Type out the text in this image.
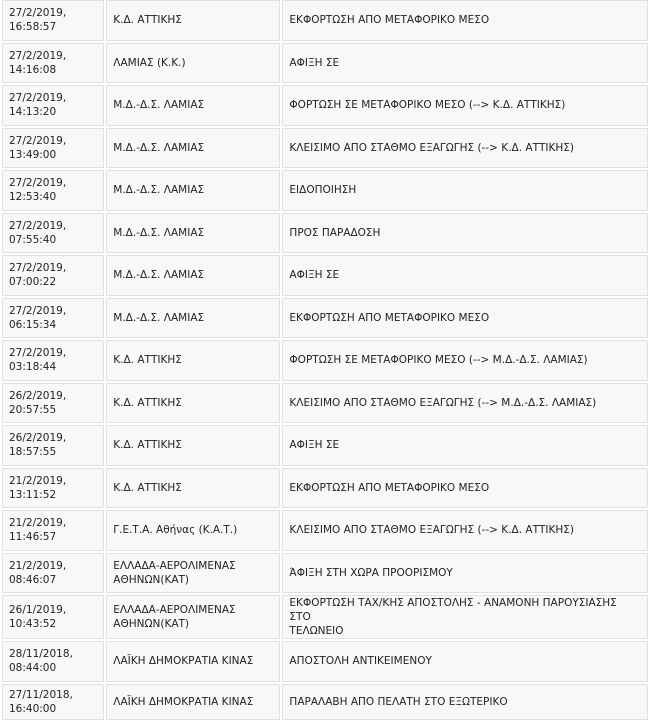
27/2/2019,
16:58:57	Κ.Δ. ΑΤΤΙΚΗΣ	ΕΚΦΟΡΤΩΣΗ ΑΠΟ ΜΕΤΑΦΟΡΙΚΟ ΜΕΣΟ

27/2/2019,
14:16:08	ΛΑΜΙΑΣ (Κ.Κ.)	ΑΦΙΞΗ ΣΕ

27/2/2019,
14:13:20	Μ.Δ.-Δ.Σ. ΛΑΜΙΑΣ	ΦΟΡΤΩΣΗ ΣΕ ΜΕΤΑΦΟΡΙΚΟ ΜΕΣΟ (--> Κ.Δ. ΑΤΤΙΚΗΣ)

27/2/2019,
13:49:00	Μ.Δ.-Δ.Σ. ΛΑΜΙΑΣ	ΚΛΕΙΣΙΜΟ ΑΠΟ ΣΤΑΘΜΟ ΕΞΑΓΩΓΗΣ (--> Κ.Δ. ΑΤΤΙΚΗΣ)

27/2/2019,
12:53:40	Μ.Δ.-Δ.Σ. ΛΑΜΙΑΣ	ΕΙΔΟΠΟΙΗΣΗ

27/2/2019,
07:55:40	Μ.Δ.-Δ.Σ. ΛΑΜΙΑΣ	ΠΡΟΣ ΠΑΡΑΔΟΣΗ

27/2/2019,
07:00:22	Μ.Δ.-Δ.Σ. ΛΑΜΙΑΣ	ΑΦΙΞΗ ΣΕ

27/2/2019,
06:15:34	Μ.Δ.-Δ.Σ. ΛΑΜΙΑΣ	ΕΚΦΟΡΤΩΣΗ ΑΠΟ ΜΕΤΑΦΟΡΙΚΟ ΜΕΣΟ

27/2/2019,
03:18:44	Κ.Δ. ΑΤΤΙΚΗΣ	ΦΟΡΤΩΣΗ ΣΕ ΜΕΤΑΦΟΡΙΚΟ ΜΕΣΟ (--> Μ.Δ.-Δ.Σ. ΛΑΜΙΑΣ)

26/2/2019,
20:57:55	Κ.Δ. ΑΤΤΙΚΗΣ	ΚΛΕΙΣΙΜΟ ΑΠΟ ΣΤΑΘΜΟ ΕΞΑΓΩΓΗΣ (--> Μ.Δ.-Δ.Σ. ΛΑΜΙΑΣ)

26/2/2019,
18:57:55	Κ.Δ. ΑΤΤΙΚΗΣ	ΑΦΙΞΗ ΣΕ

21/2/2019,
13:11:52	Κ.Δ. ΑΤΤΙΚΗΣ	ΕΚΦΟΡΤΩΣΗ ΑΠΟ ΜΕΤΑΦΟΡΙΚΟ ΜΕΣΟ

21/2/2019,
11:46:57	Γ.Ε.Τ.Α. Αθήνας (Κ.Α.Τ.)	ΚΛΕΙΣΙΜΟ ΑΠΟ ΣΤΑΘΜΟ ΕΞΑΓΩΓΗΣ (--> Κ.Δ. ΑΤΤΙΚΗΣ)

21/2/2019,
08:46:07	ΕΛΛΑΔΑ-ΑΕΡΟΛΙΜΕΝΑΣ
ΑΘΗΝΩΝ(ΚΑΤ)	ΆΦΙΞΗ ΣΤΗ ΧΩΡΑ ΠΡΟΟΡΙΣΜΟΥ

26/1/2019,
10:43:52	ΕΛΛΑΔΑ-ΑΕΡΟΛΙΜΕΝΑΣ
ΑΘΗΝΩΝ(ΚΑΤ)	ΕΚΦΟΡΤΩΣΗ ΤΑΧ/ΚΗΣ ΑΠΟΣΤΟΛΗΣ - ΑΝΑΜΟΝΗ ΠΑΡΟΥΣΙΑΣΗΣ ΣΤΟ
ΤΕΛΩΝΕΙΟ

28/11/2018,
08:44:00	ΛΑΪΚΗ ΔΗΜΟΚΡΑΤΙΑ ΚΙΝΑΣ	ΑΠΟΣΤΟΛΗ ΑΝΤΙΚΕΙΜΕΝΟΥ

27/11/2018,
16:40:00	ΛΑΪΚΗ ΔΗΜΟΚΡΑΤΙΑ ΚΙΝΑΣ	ΠΑΡΑΛΑΒΗ ΑΠΟ ΠΕΛΑΤΗ ΣΤΟ ΕΞΩΤΕΡΙΚΟ
